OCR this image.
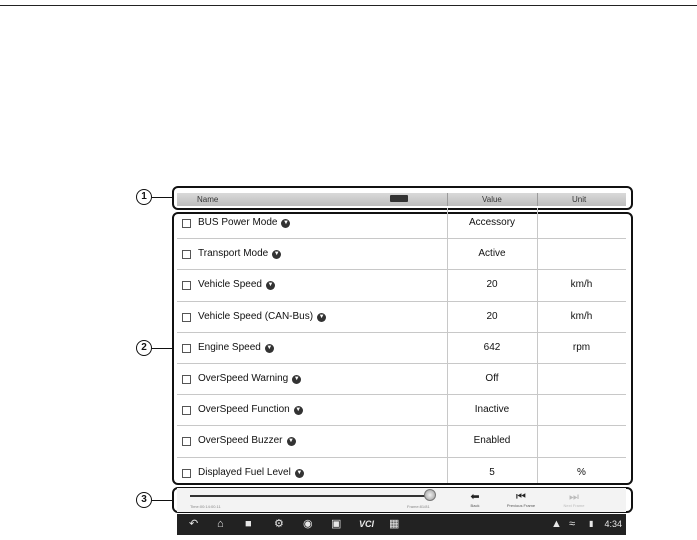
1
2
3
Name	Value	Unit
BUS Power Mode ▼	Accessory
Transport Mode ▼	Active
Vehicle Speed ▼	20	km/h
Vehicle Speed (CAN-Bus) ▼	20	km/h
Engine Speed ▼	642	rpm
OverSpeed Warning ▼	Off
OverSpeed Function ▼	Inactive
OverSpeed Buzzer ▼	Enabled
Displayed Fuel Level ▼	5	%
Time:00:14:00.11	Frame:81/81
⬅
Back
⏮
Previous Frame
⏭
Next Frame
↶ ⌂ ■ ⚙ ◉ ▣ VCI ▦	▲ ≈ ▮ 4:34
